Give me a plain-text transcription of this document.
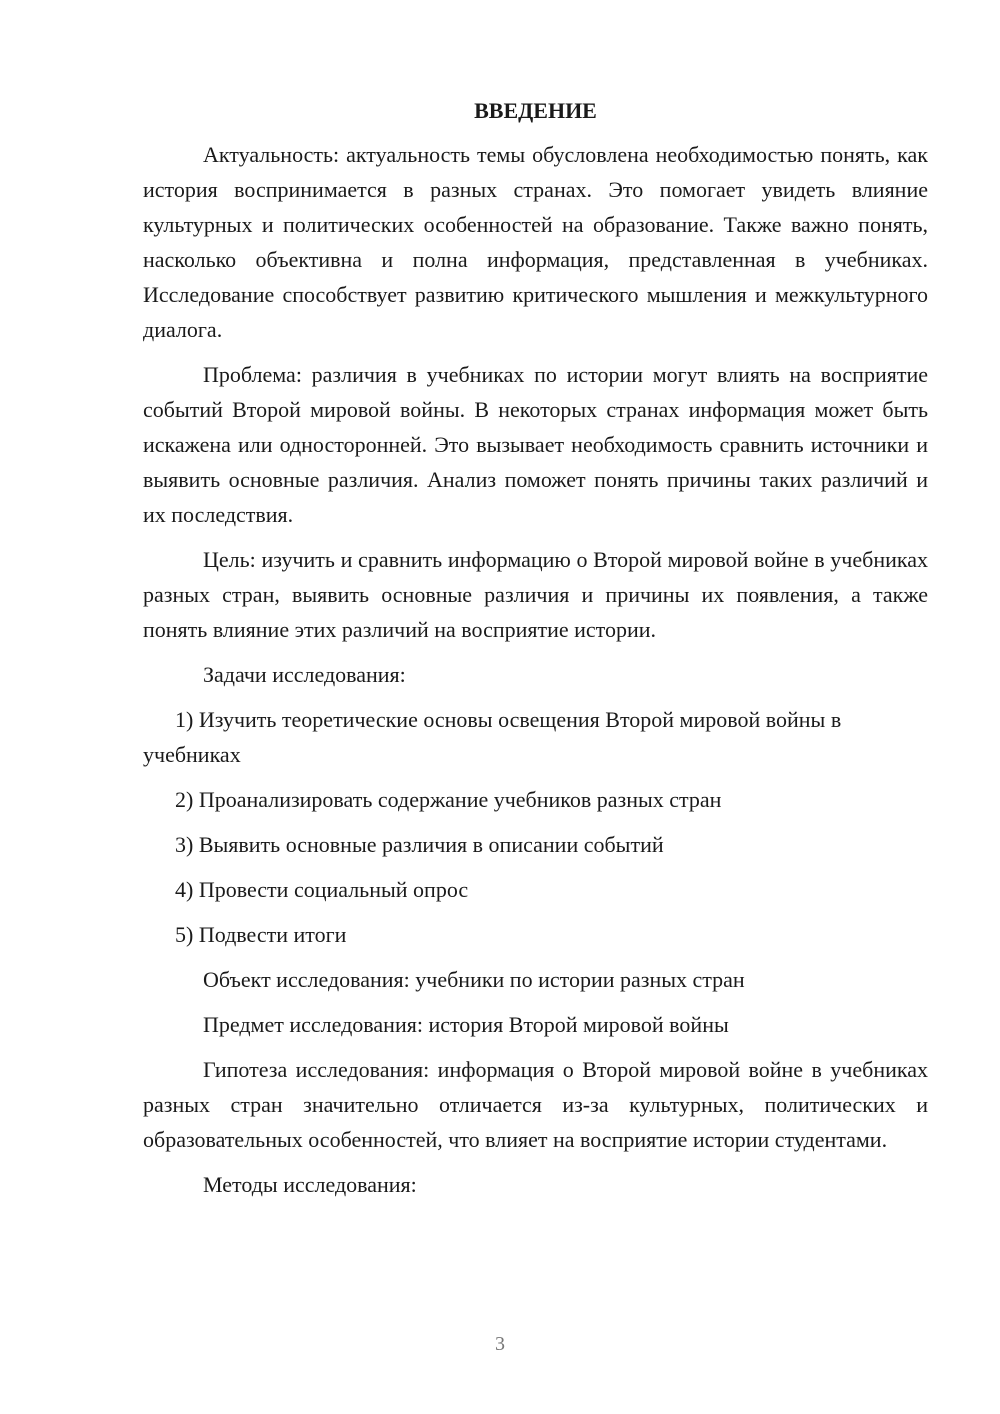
ВВЕДЕНИЕ

Актуальность: актуальность темы обусловлена необходимостью понять, как история воспринимается в разных странах. Это помогает увидеть влияние культурных и политических особенностей на образование. Также важно понять, насколько объективна и полна информация, представленная в учебниках. Исследование способствует развитию критического мышления и межкультурного диалога.

Проблема: различия в учебниках по истории могут влиять на восприятие событий Второй мировой войны. В некоторых странах информация может быть искажена или односторонней. Это вызывает необходимость сравнить источники и выявить основные различия. Анализ поможет понять причины таких различий и их последствия.

Цель: изучить и сравнить информацию о Второй мировой войне в учебниках разных стран, выявить основные различия и причины их появления, а также понять влияние этих различий на восприятие истории.

Задачи исследования:

1) Изучить теоретические основы освещения Второй мировой войны в учебниках

2) Проанализировать содержание учебников разных стран

3) Выявить основные различия в описании событий

4) Провести социальный опрос

5) Подвести итоги

Объект исследования: учебники по истории разных стран

Предмет исследования: история Второй мировой войны

Гипотеза исследования: информация о Второй мировой войне в учебниках разных стран значительно отличается из-за культурных, политических и образовательных особенностей, что влияет на восприятие истории студентами.

Методы исследования:

3
